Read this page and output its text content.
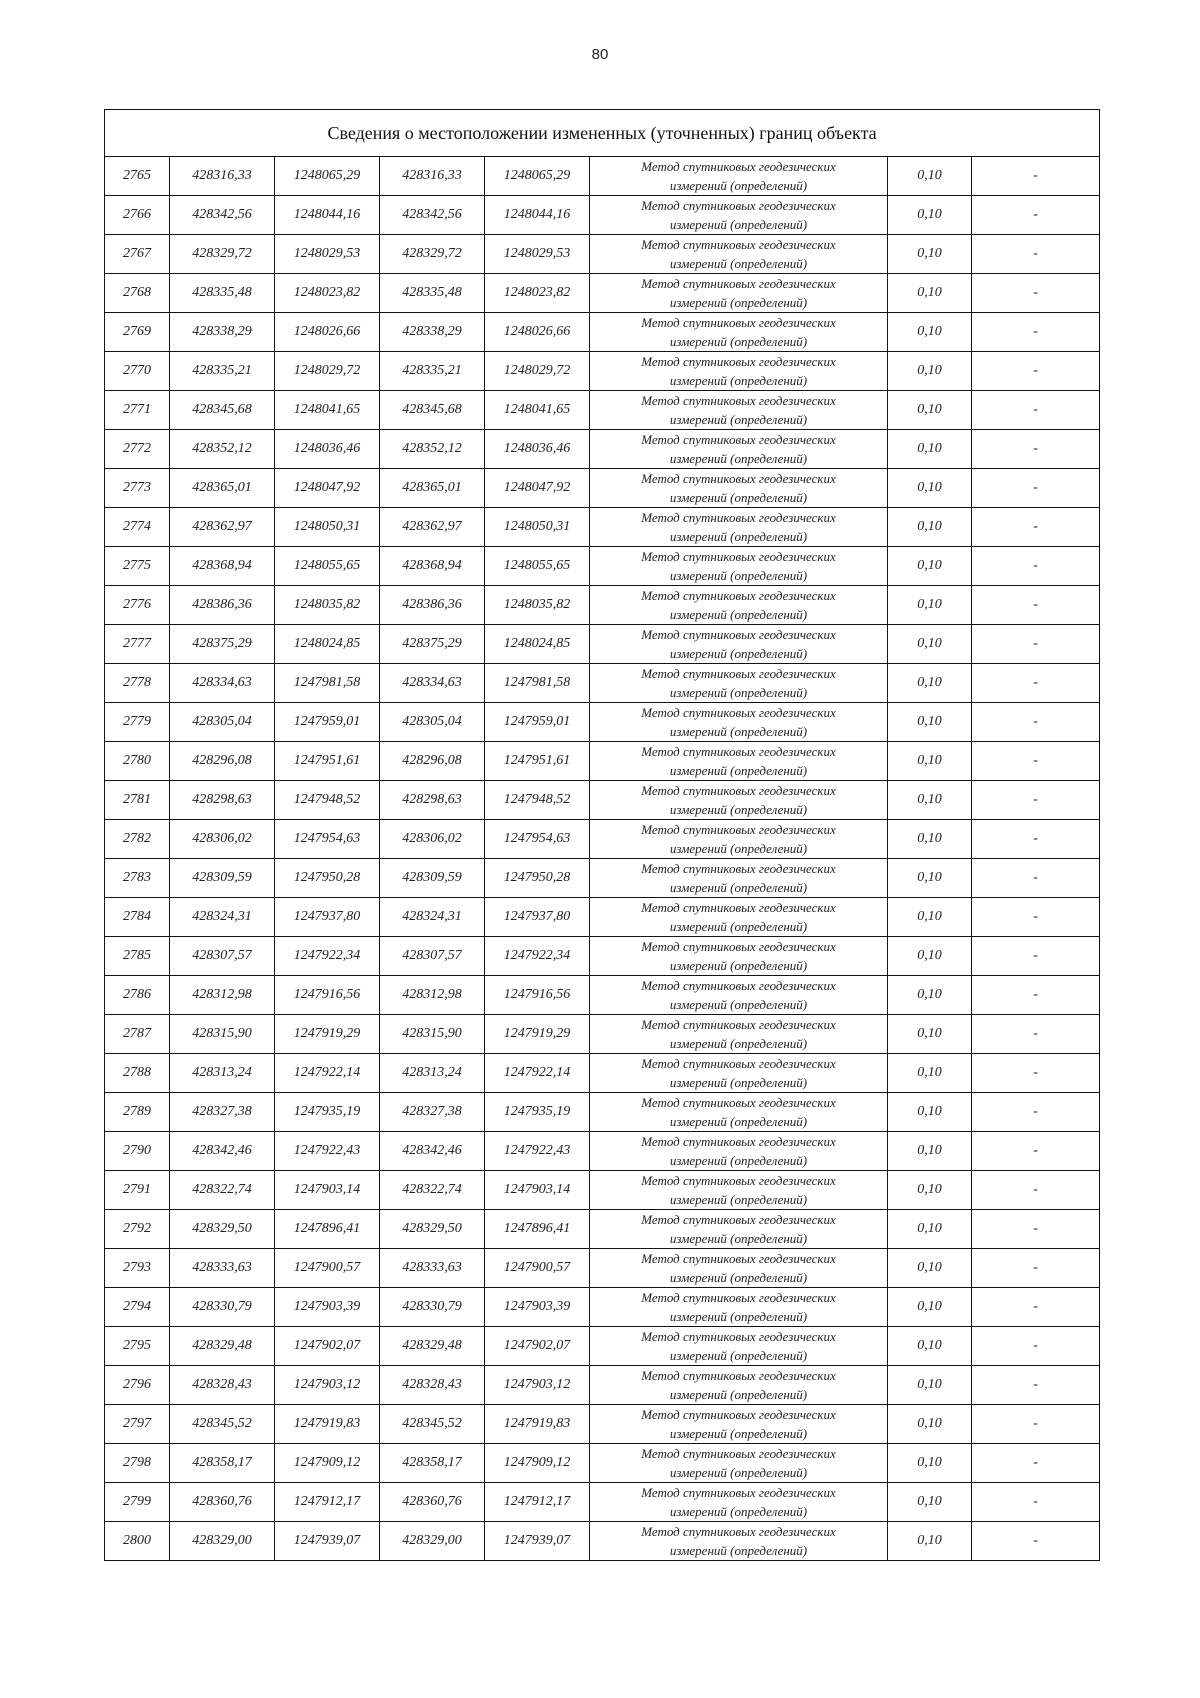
80
Сведения о местоположении измененных (уточненных) границ объекта							
2765	428316,33	1248065,29	428316,33	1248065,29	Метод спутниковых геодезических
измерений (определений)	0,10	-
2766	428342,56	1248044,16	428342,56	1248044,16	Метод спутниковых геодезических
измерений (определений)	0,10	-
2767	428329,72	1248029,53	428329,72	1248029,53	Метод спутниковых геодезических
измерений (определений)	0,10	-
2768	428335,48	1248023,82	428335,48	1248023,82	Метод спутниковых геодезических
измерений (определений)	0,10	-
2769	428338,29	1248026,66	428338,29	1248026,66	Метод спутниковых геодезических
измерений (определений)	0,10	-
2770	428335,21	1248029,72	428335,21	1248029,72	Метод спутниковых геодезических
измерений (определений)	0,10	-
2771	428345,68	1248041,65	428345,68	1248041,65	Метод спутниковых геодезических
измерений (определений)	0,10	-
2772	428352,12	1248036,46	428352,12	1248036,46	Метод спутниковых геодезических
измерений (определений)	0,10	-
2773	428365,01	1248047,92	428365,01	1248047,92	Метод спутниковых геодезических
измерений (определений)	0,10	-
2774	428362,97	1248050,31	428362,97	1248050,31	Метод спутниковых геодезических
измерений (определений)	0,10	-
2775	428368,94	1248055,65	428368,94	1248055,65	Метод спутниковых геодезических
измерений (определений)	0,10	-
2776	428386,36	1248035,82	428386,36	1248035,82	Метод спутниковых геодезических
измерений (определений)	0,10	-
2777	428375,29	1248024,85	428375,29	1248024,85	Метод спутниковых геодезических
измерений (определений)	0,10	-
2778	428334,63	1247981,58	428334,63	1247981,58	Метод спутниковых геодезических
измерений (определений)	0,10	-
2779	428305,04	1247959,01	428305,04	1247959,01	Метод спутниковых геодезических
измерений (определений)	0,10	-
2780	428296,08	1247951,61	428296,08	1247951,61	Метод спутниковых геодезических
измерений (определений)	0,10	-
2781	428298,63	1247948,52	428298,63	1247948,52	Метод спутниковых геодезических
измерений (определений)	0,10	-
2782	428306,02	1247954,63	428306,02	1247954,63	Метод спутниковых геодезических
измерений (определений)	0,10	-
2783	428309,59	1247950,28	428309,59	1247950,28	Метод спутниковых геодезических
измерений (определений)	0,10	-
2784	428324,31	1247937,80	428324,31	1247937,80	Метод спутниковых геодезических
измерений (определений)	0,10	-
2785	428307,57	1247922,34	428307,57	1247922,34	Метод спутниковых геодезических
измерений (определений)	0,10	-
2786	428312,98	1247916,56	428312,98	1247916,56	Метод спутниковых геодезических
измерений (определений)	0,10	-
2787	428315,90	1247919,29	428315,90	1247919,29	Метод спутниковых геодезических
измерений (определений)	0,10	-
2788	428313,24	1247922,14	428313,24	1247922,14	Метод спутниковых геодезических
измерений (определений)	0,10	-
2789	428327,38	1247935,19	428327,38	1247935,19	Метод спутниковых геодезических
измерений (определений)	0,10	-
2790	428342,46	1247922,43	428342,46	1247922,43	Метод спутниковых геодезических
измерений (определений)	0,10	-
2791	428322,74	1247903,14	428322,74	1247903,14	Метод спутниковых геодезических
измерений (определений)	0,10	-
2792	428329,50	1247896,41	428329,50	1247896,41	Метод спутниковых геодезических
измерений (определений)	0,10	-
2793	428333,63	1247900,57	428333,63	1247900,57	Метод спутниковых геодезических
измерений (определений)	0,10	-
2794	428330,79	1247903,39	428330,79	1247903,39	Метод спутниковых геодезических
измерений (определений)	0,10	-
2795	428329,48	1247902,07	428329,48	1247902,07	Метод спутниковых геодезических
измерений (определений)	0,10	-
2796	428328,43	1247903,12	428328,43	1247903,12	Метод спутниковых геодезических
измерений (определений)	0,10	-
2797	428345,52	1247919,83	428345,52	1247919,83	Метод спутниковых геодезических
измерений (определений)	0,10	-
2798	428358,17	1247909,12	428358,17	1247909,12	Метод спутниковых геодезических
измерений (определений)	0,10	-
2799	428360,76	1247912,17	428360,76	1247912,17	Метод спутниковых геодезических
измерений (определений)	0,10	-
2800	428329,00	1247939,07	428329,00	1247939,07	Метод спутниковых геодезических
измерений (определений)	0,10	-
